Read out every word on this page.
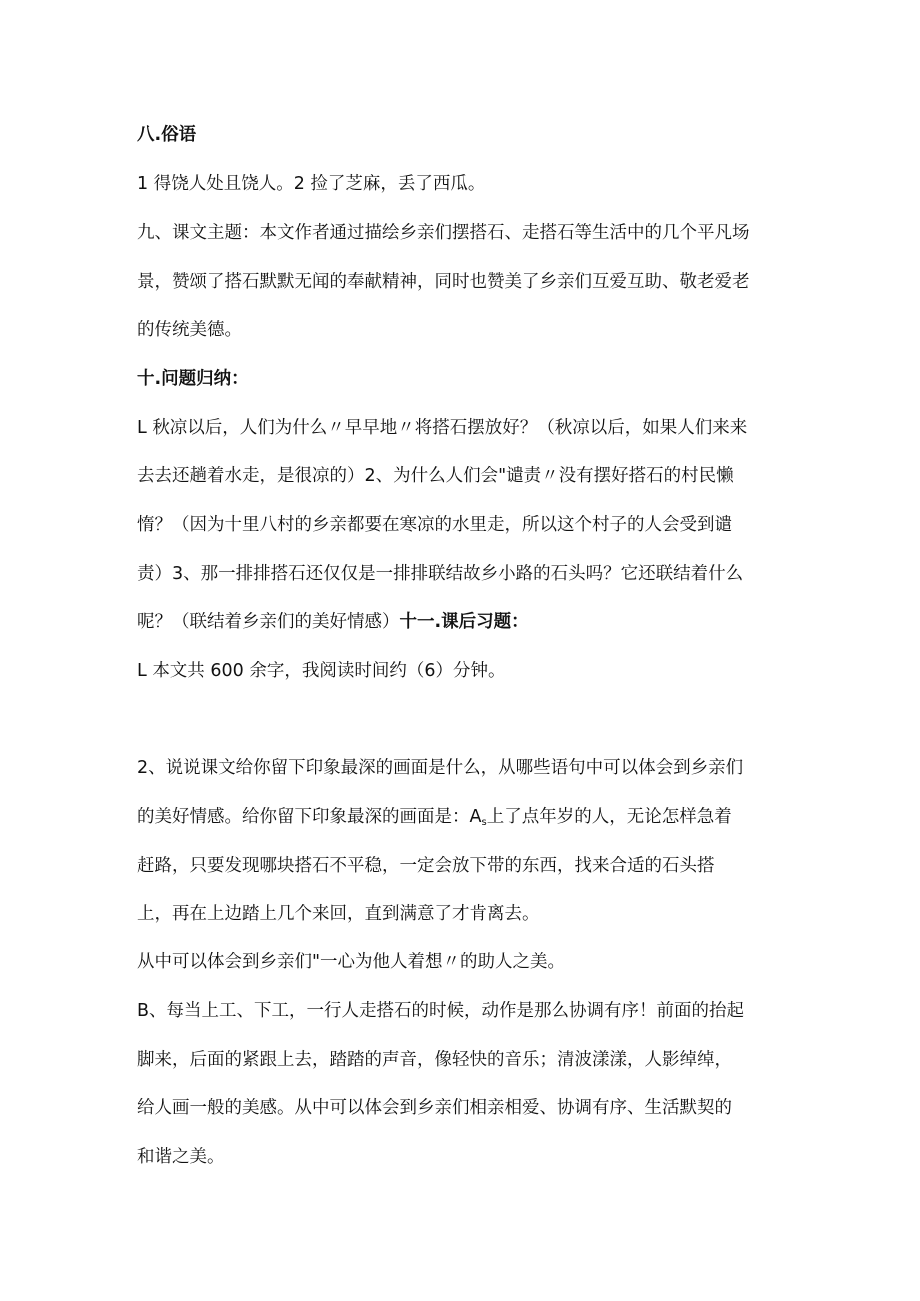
八.俗语
1 得饶人处且饶人。2 捡了芝麻，丢了西瓜。
九、课文主题：本文作者通过描绘乡亲们摆搭石、走搭石等生活中的几个平凡场
景，赞颂了搭石默默无闻的奉献精神，同时也赞美了乡亲们互爱互助、敬老爱老
的传统美德。
十.问题归纳：
L 秋凉以后，人们为什么〃早早地〃将搭石摆放好？（秋凉以后，如果人们来来
去去还趟着水走，是很凉的）2、为什么人们会"谴责〃没有摆好搭石的村民懒
惰？（因为十里八村的乡亲都要在寒凉的水里走，所以这个村子的人会受到谴
责）3、那一排排搭石还仅仅是一排排联结故乡小路的石头吗？它还联结着什么
呢？（联结着乡亲们的美好情感）十一.课后习题：
L 本文共 600 余字，我阅读时间约（6）分钟。
2、说说课文给你留下印象最深的画面是什么，从哪些语句中可以体会到乡亲们
的美好情感。给你留下印象最深的画面是：$A_s$上了点年岁的人，无论怎样急着
赶路，只要发现哪块搭石不平稳，一定会放下带的东西，找来合适的石头搭
上，再在上边踏上几个来回，直到满意了才肯离去。
从中可以体会到乡亲们"一心为他人着想〃的助人之美。
B、每当上工、下工，一行人走搭石的时候，动作是那么协调有序！前面的抬起
脚来，后面的紧跟上去，踏踏的声音，像轻快的音乐；清波漾漾，人影绰绰，
给人画一般的美感。从中可以体会到乡亲们相亲相爱、协调有序、生活默契的
和谐之美。
